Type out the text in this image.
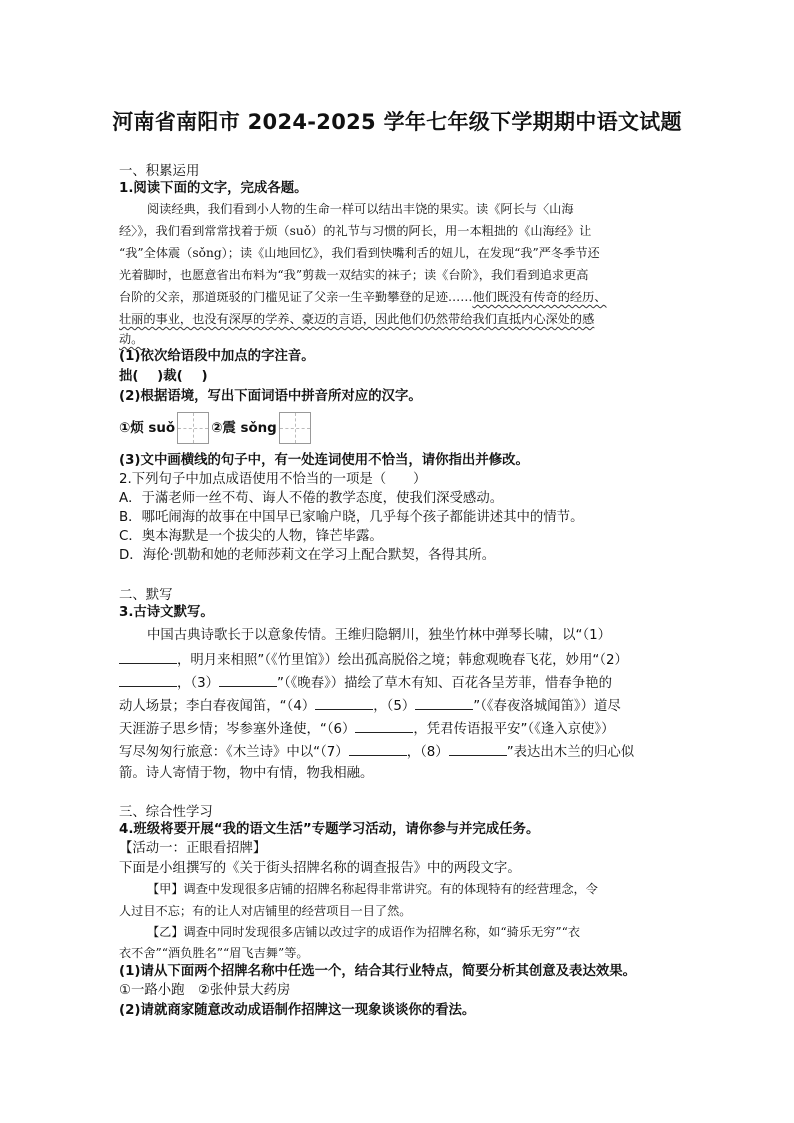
河南省南阳市 2024-2025 学年七年级下学期期中语文试题
一、积累运用
1.阅读下面的文字，完成各题。
阅读经典，我们看到小人物的生命一样可以结出丰饶的果实。读《阿长与〈山海
经〉》，我们看到常常找着于烦（suǒ）的礼节与习惯的阿长，用一本粗拙的《山海经》让
“我”全体震（sǒng）；读《山地回忆》，我们看到快嘴利舌的妞儿，在发现“我”严冬季节还
光着脚时，也愿意省出布料为“我”剪裁一双结实的袜子；读《台阶》，我们看到追求更高
台阶的父亲，那道斑驳的门槛见证了父亲一生辛勤攀登的足迹……他们既没有传奇的经历、
壮丽的事业，也没有深厚的学养、豪迈的言语，因此他们仍然带给我们直抵内心深处的感
动。
(1)依次给语段中加点的字注音。
拙(    )裁(    )
(2)根据语境，写出下面词语中拼音所对应的汉字。
①烦 suǒ	②震 sǒng
(3)文中画横线的句子中，有一处连词使用不恰当，请你指出并修改。
2.下列句子中加点成语使用不恰当的一项是（　　）
A．于滿老师一丝不苟、诲人不倦的教学态度，使我们深受感动。
B．哪吒闹海的故事在中国早已家喻户晓，几乎每个孩子都能讲述其中的情节。
C．奥本海默是一个拔尖的人物，锋芒毕露。
D．海伦·凯勒和她的老师莎莉文在学习上配合默契，各得其所。
二、默写
3.古诗文默写。
中国古典诗歌长于以意象传情。王维归隐辋川，独坐竹林中弹琴长啸，以“（1）
，明月来相照”（《竹里馆》）绘出孤高脱俗之境；韩愈观晚春飞花，妙用“（2）
，（3）	”（《晚春》）描绘了草木有知、百花各呈芳菲，惜春争艳的
动人场景；李白春夜闻笛，“（4）	，（5）	”（《春夜洛城闻笛》）道尽
天涯游子思乡情；岑参塞外逢使，“（6）	，凭君传语报平安”（《逢入京使》）
写尽匆匆行旅意：《木兰诗》中以“（7）	，（8）	”表达出木兰的归心似
箭。诗人寄情于物，物中有情，物我相融。
三、综合性学习
4.班级将要开展“我的语文生活”专题学习活动，请你参与并完成任务。
【活动一：正眼看招牌】
下面是小组撰写的《关于街头招牌名称的调查报告》中的两段文字。
【甲】调查中发现很多店铺的招牌名称起得非常讲究。有的体现特有的经营理念，令
人过目不忘；有的让人对店铺里的经营项目一目了然。
【乙】调查中同时发现很多店铺以改过字的成语作为招牌名称，如“骑乐无穷”“衣
衣不舍”“酒负胜名”“眉飞吉舞”等。
(1)请从下面两个招牌名称中任选一个，结合其行业特点，简要分析其创意及表达效果。
①一路小跑　②张仲景大药房
(2)请就商家随意改动成语制作招牌这一现象谈谈你的看法。
